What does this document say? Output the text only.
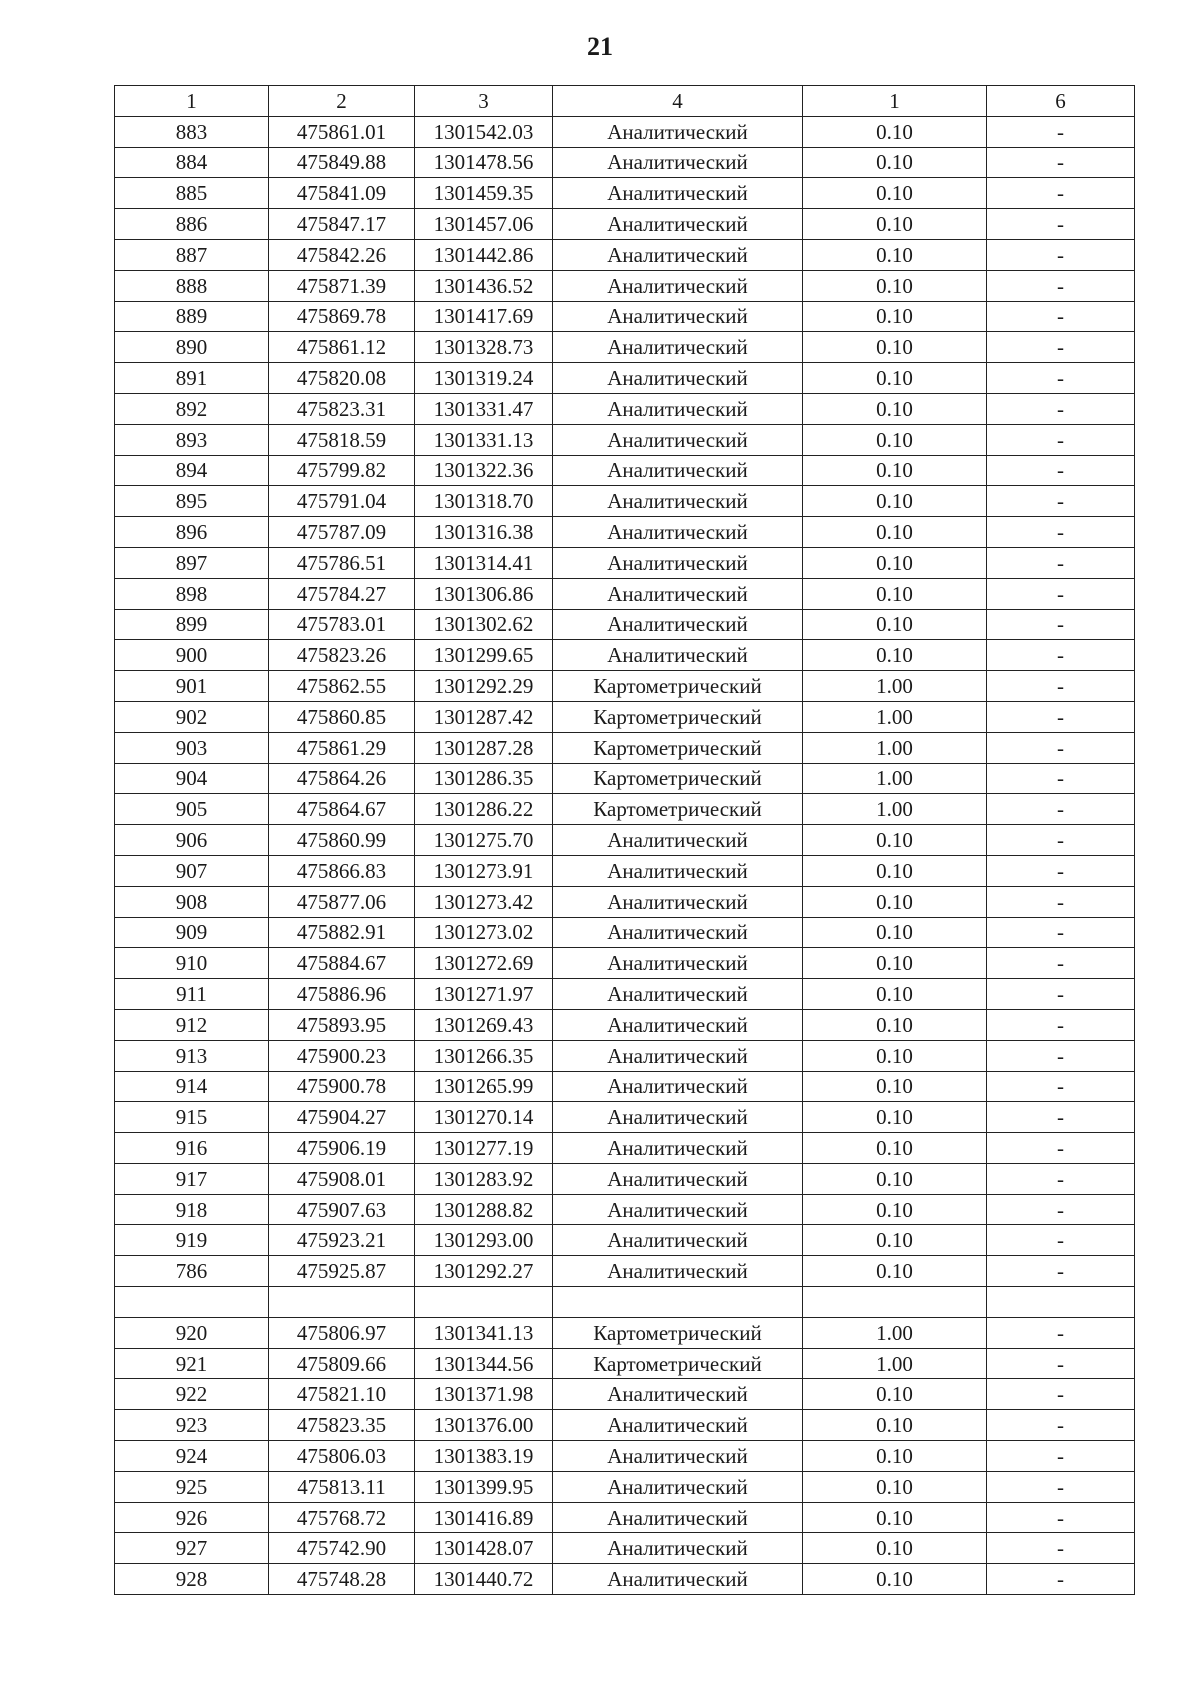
21
1	2	3	4	1	6
883	475861.01	1301542.03	Аналитический	0.10	-
884	475849.88	1301478.56	Аналитический	0.10	-
885	475841.09	1301459.35	Аналитический	0.10	-
886	475847.17	1301457.06	Аналитический	0.10	-
887	475842.26	1301442.86	Аналитический	0.10	-
888	475871.39	1301436.52	Аналитический	0.10	-
889	475869.78	1301417.69	Аналитический	0.10	-
890	475861.12	1301328.73	Аналитический	0.10	-
891	475820.08	1301319.24	Аналитический	0.10	-
892	475823.31	1301331.47	Аналитический	0.10	-
893	475818.59	1301331.13	Аналитический	0.10	-
894	475799.82	1301322.36	Аналитический	0.10	-
895	475791.04	1301318.70	Аналитический	0.10	-
896	475787.09	1301316.38	Аналитический	0.10	-
897	475786.51	1301314.41	Аналитический	0.10	-
898	475784.27	1301306.86	Аналитический	0.10	-
899	475783.01	1301302.62	Аналитический	0.10	-
900	475823.26	1301299.65	Аналитический	0.10	-
901	475862.55	1301292.29	Картометрический	1.00	-
902	475860.85	1301287.42	Картометрический	1.00	-
903	475861.29	1301287.28	Картометрический	1.00	-
904	475864.26	1301286.35	Картометрический	1.00	-
905	475864.67	1301286.22	Картометрический	1.00	-
906	475860.99	1301275.70	Аналитический	0.10	-
907	475866.83	1301273.91	Аналитический	0.10	-
908	475877.06	1301273.42	Аналитический	0.10	-
909	475882.91	1301273.02	Аналитический	0.10	-
910	475884.67	1301272.69	Аналитический	0.10	-
911	475886.96	1301271.97	Аналитический	0.10	-
912	475893.95	1301269.43	Аналитический	0.10	-
913	475900.23	1301266.35	Аналитический	0.10	-
914	475900.78	1301265.99	Аналитический	0.10	-
915	475904.27	1301270.14	Аналитический	0.10	-
916	475906.19	1301277.19	Аналитический	0.10	-
917	475908.01	1301283.92	Аналитический	0.10	-
918	475907.63	1301288.82	Аналитический	0.10	-
919	475923.21	1301293.00	Аналитический	0.10	-
786	475925.87	1301292.27	Аналитический	0.10	-

920	475806.97	1301341.13	Картометрический	1.00	-
921	475809.66	1301344.56	Картометрический	1.00	-
922	475821.10	1301371.98	Аналитический	0.10	-
923	475823.35	1301376.00	Аналитический	0.10	-
924	475806.03	1301383.19	Аналитический	0.10	-
925	475813.11	1301399.95	Аналитический	0.10	-
926	475768.72	1301416.89	Аналитический	0.10	-
927	475742.90	1301428.07	Аналитический	0.10	-
928	475748.28	1301440.72	Аналитический	0.10	-
